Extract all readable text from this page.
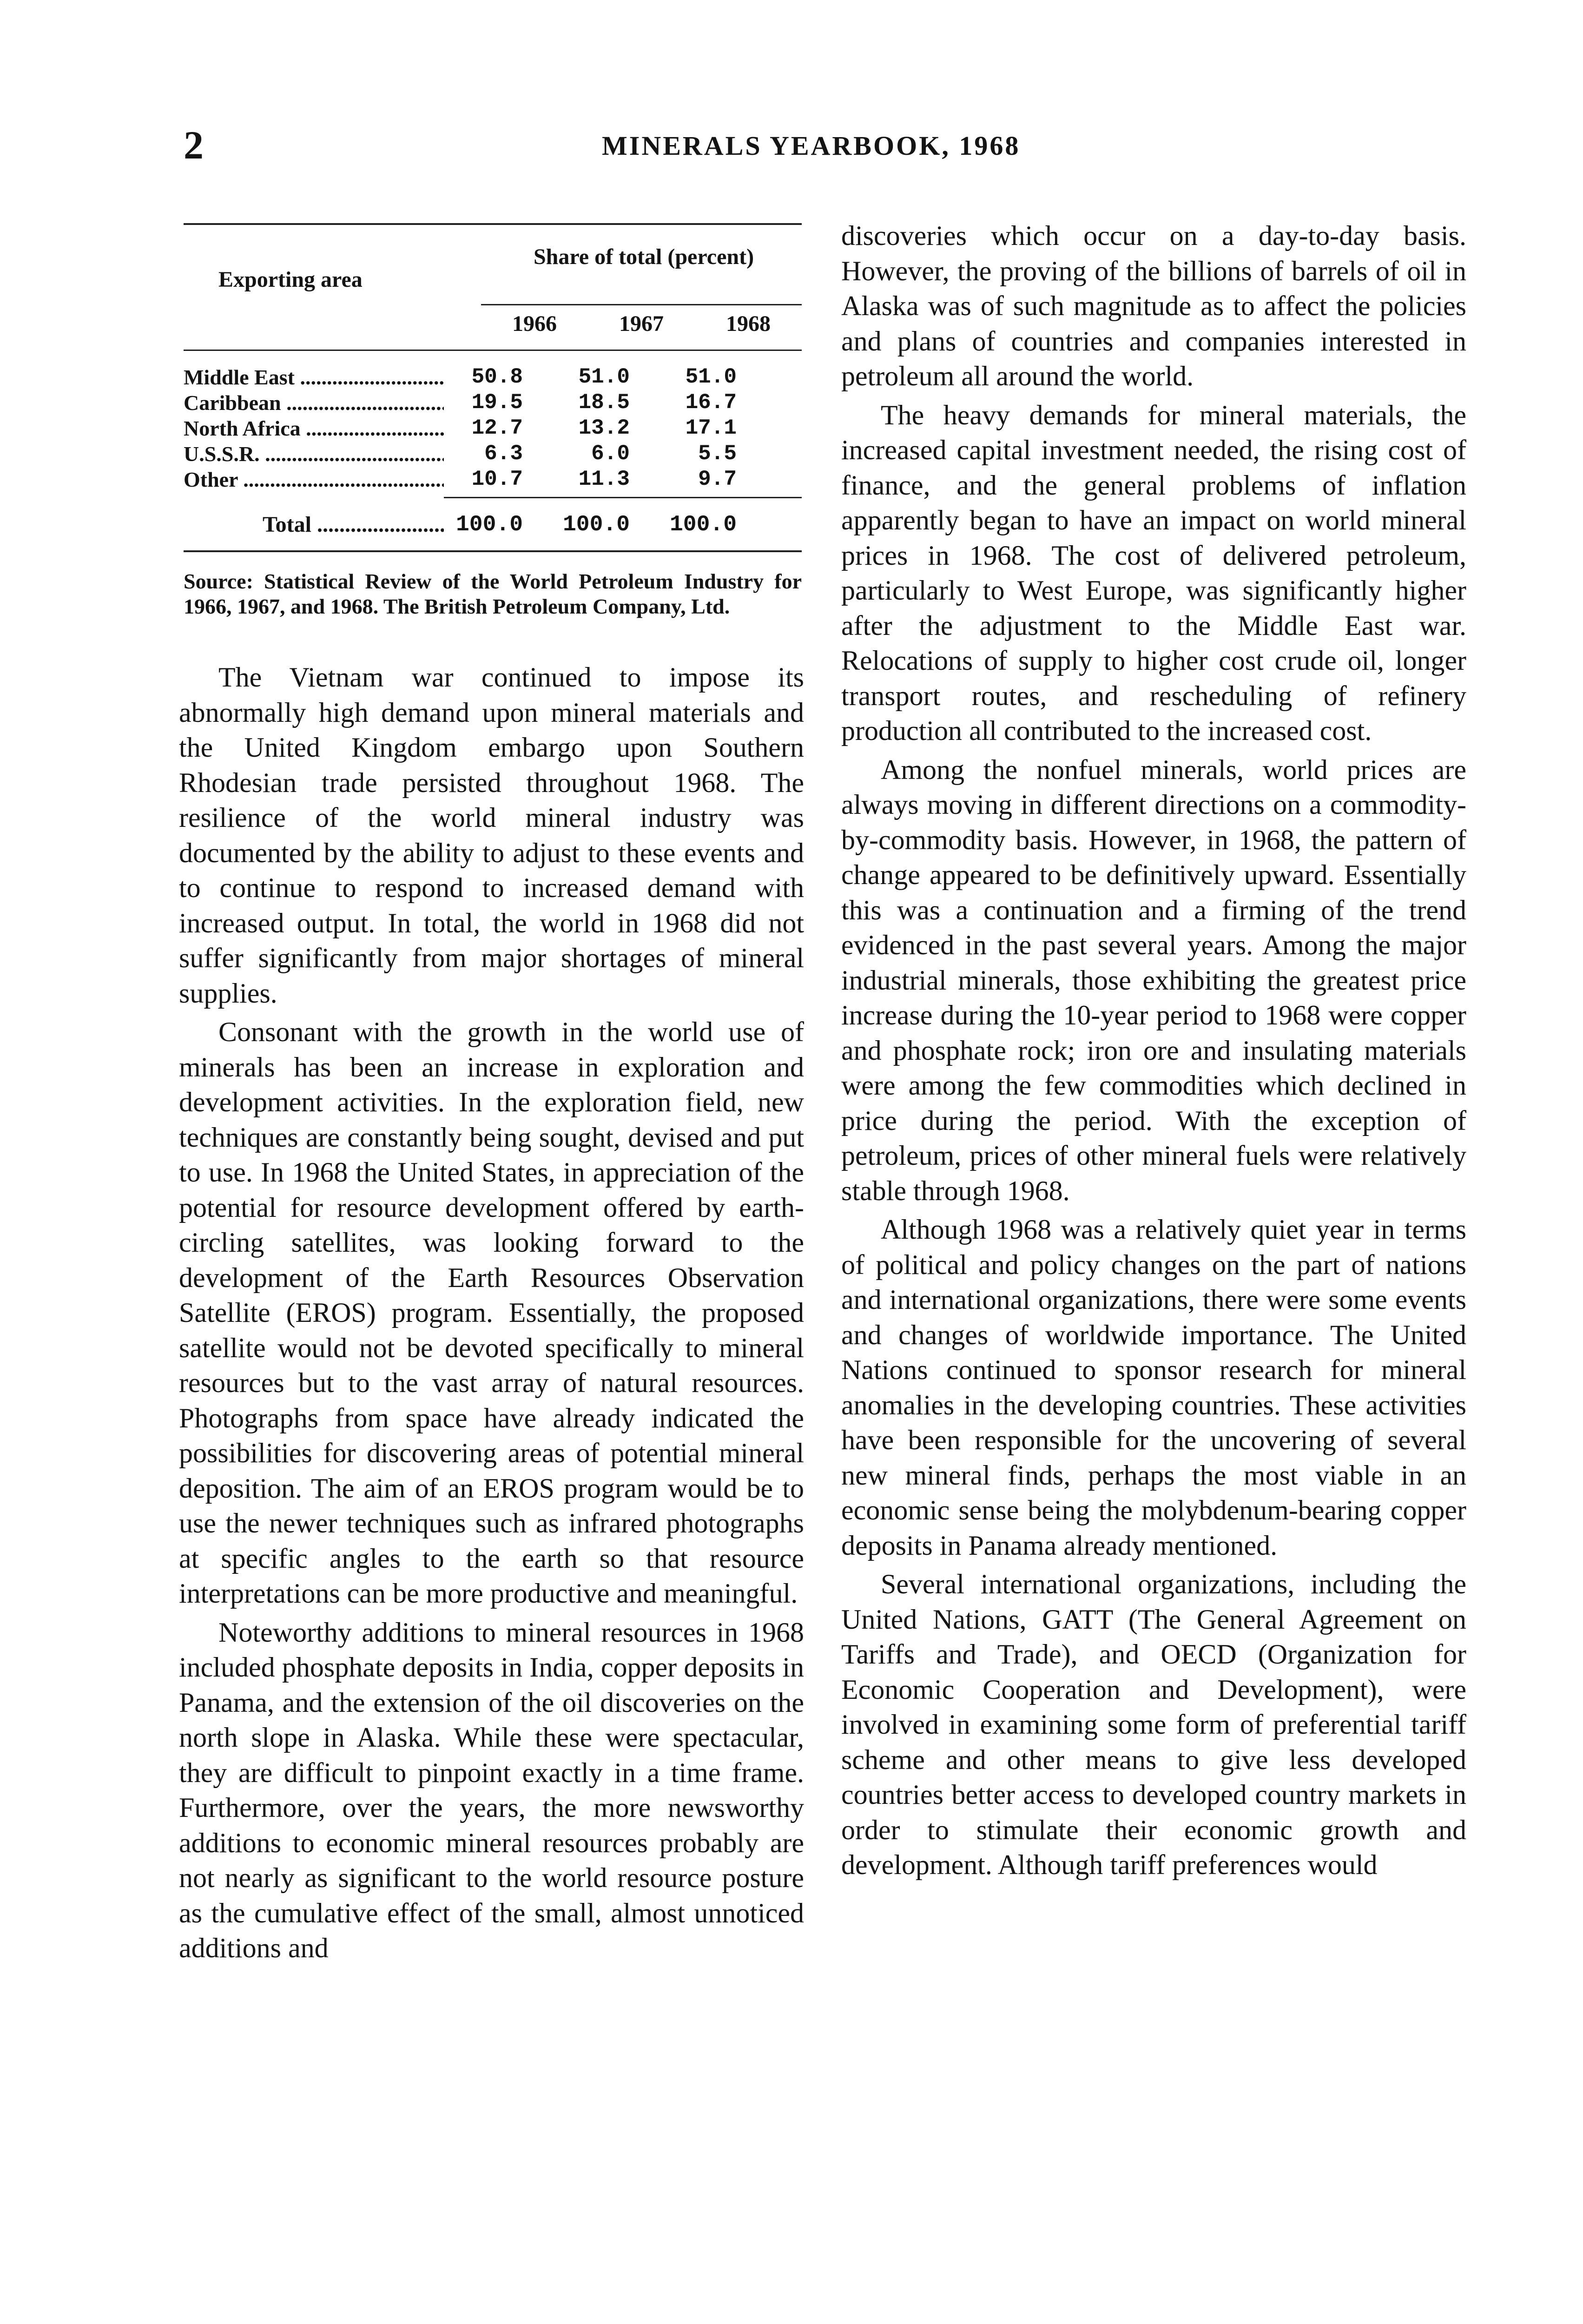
2	MINERALS YEARBOOK, 1968
Exporting area
Share of total (percent)
1966	1967	1968
Middle East .....	50.8	51.0	51.0
Caribbean .....	19.5	18.5	16.7
North Africa .....	12.7	13.2	17.1
U.S.S.R. .....	6.3	6.0	5.5
Other .....	10.7	11.3	9.7
Total .....	100.0	100.0	100.0
Source: Statistical Review of the World Petroleum Industry for 1966, 1967, and 1968. The British Petroleum Company, Ltd.

The Vietnam war continued to impose its abnormally high demand upon mineral materials and the United Kingdom embargo upon Southern Rhodesian trade persisted throughout 1968. The resilience of the world mineral industry was documented by the ability to adjust to these events and to continue to respond to increased demand with increased output. In total, the world in 1968 did not suffer significantly from major shortages of mineral supplies.

Consonant with the growth in the world use of minerals has been an increase in exploration and development activities. In the exploration field, new techniques are constantly being sought, devised and put to use. In 1968 the United States, in appreciation of the potential for resource development offered by earth-circling satellites, was looking forward to the development of the Earth Resources Observation Satellite (EROS) program. Essentially, the proposed satellite would not be devoted specifically to mineral resources but to the vast array of natural resources. Photographs from space have already indicated the possibilities for discovering areas of potential mineral deposition. The aim of an EROS program would be to use the newer techniques such as infrared photographs at specific angles to the earth so that resource interpretations can be more productive and meaningful.

Noteworthy additions to mineral resources in 1968 included phosphate deposits in India, copper deposits in Panama, and the extension of the oil discoveries on the north slope in Alaska. While these were spectacular, they are difficult to pinpoint exactly in a time frame. Furthermore, over the years, the more newsworthy additions to economic mineral resources probably are not nearly as significant to the world resource posture as the cumulative effect of the small, almost unnoticed additions and

discoveries which occur on a day-to-day basis. However, the proving of the billions of barrels of oil in Alaska was of such magnitude as to affect the policies and plans of countries and companies interested in petroleum all around the world.

The heavy demands for mineral materials, the increased capital investment needed, the rising cost of finance, and the general problems of inflation apparently began to have an impact on world mineral prices in 1968. The cost of delivered petroleum, particularly to West Europe, was significantly higher after the adjustment to the Middle East war. Relocations of supply to higher cost crude oil, longer transport routes, and rescheduling of refinery production all contributed to the increased cost.

Among the nonfuel minerals, world prices are always moving in different directions on a commodity-by-commodity basis. However, in 1968, the pattern of change appeared to be definitively upward. Essentially this was a continuation and a firming of the trend evidenced in the past several years. Among the major industrial minerals, those exhibiting the greatest price increase during the 10-year period to 1968 were copper and phosphate rock; iron ore and insulating materials were among the few commodities which declined in price during the period. With the exception of petroleum, prices of other mineral fuels were relatively stable through 1968.

Although 1968 was a relatively quiet year in terms of political and policy changes on the part of nations and international organizations, there were some events and changes of worldwide importance. The United Nations continued to sponsor research for mineral anomalies in the developing countries. These activities have been responsible for the uncovering of several new mineral finds, perhaps the most viable in an economic sense being the molybdenum-bearing copper deposits in Panama already mentioned.

Several international organizations, including the United Nations, GATT (The General Agreement on Tariffs and Trade), and OECD (Organization for Economic Cooperation and Development), were involved in examining some form of preferential tariff scheme and other means to give less developed countries better access to developed country markets in order to stimulate their economic growth and development. Although tariff preferences would
